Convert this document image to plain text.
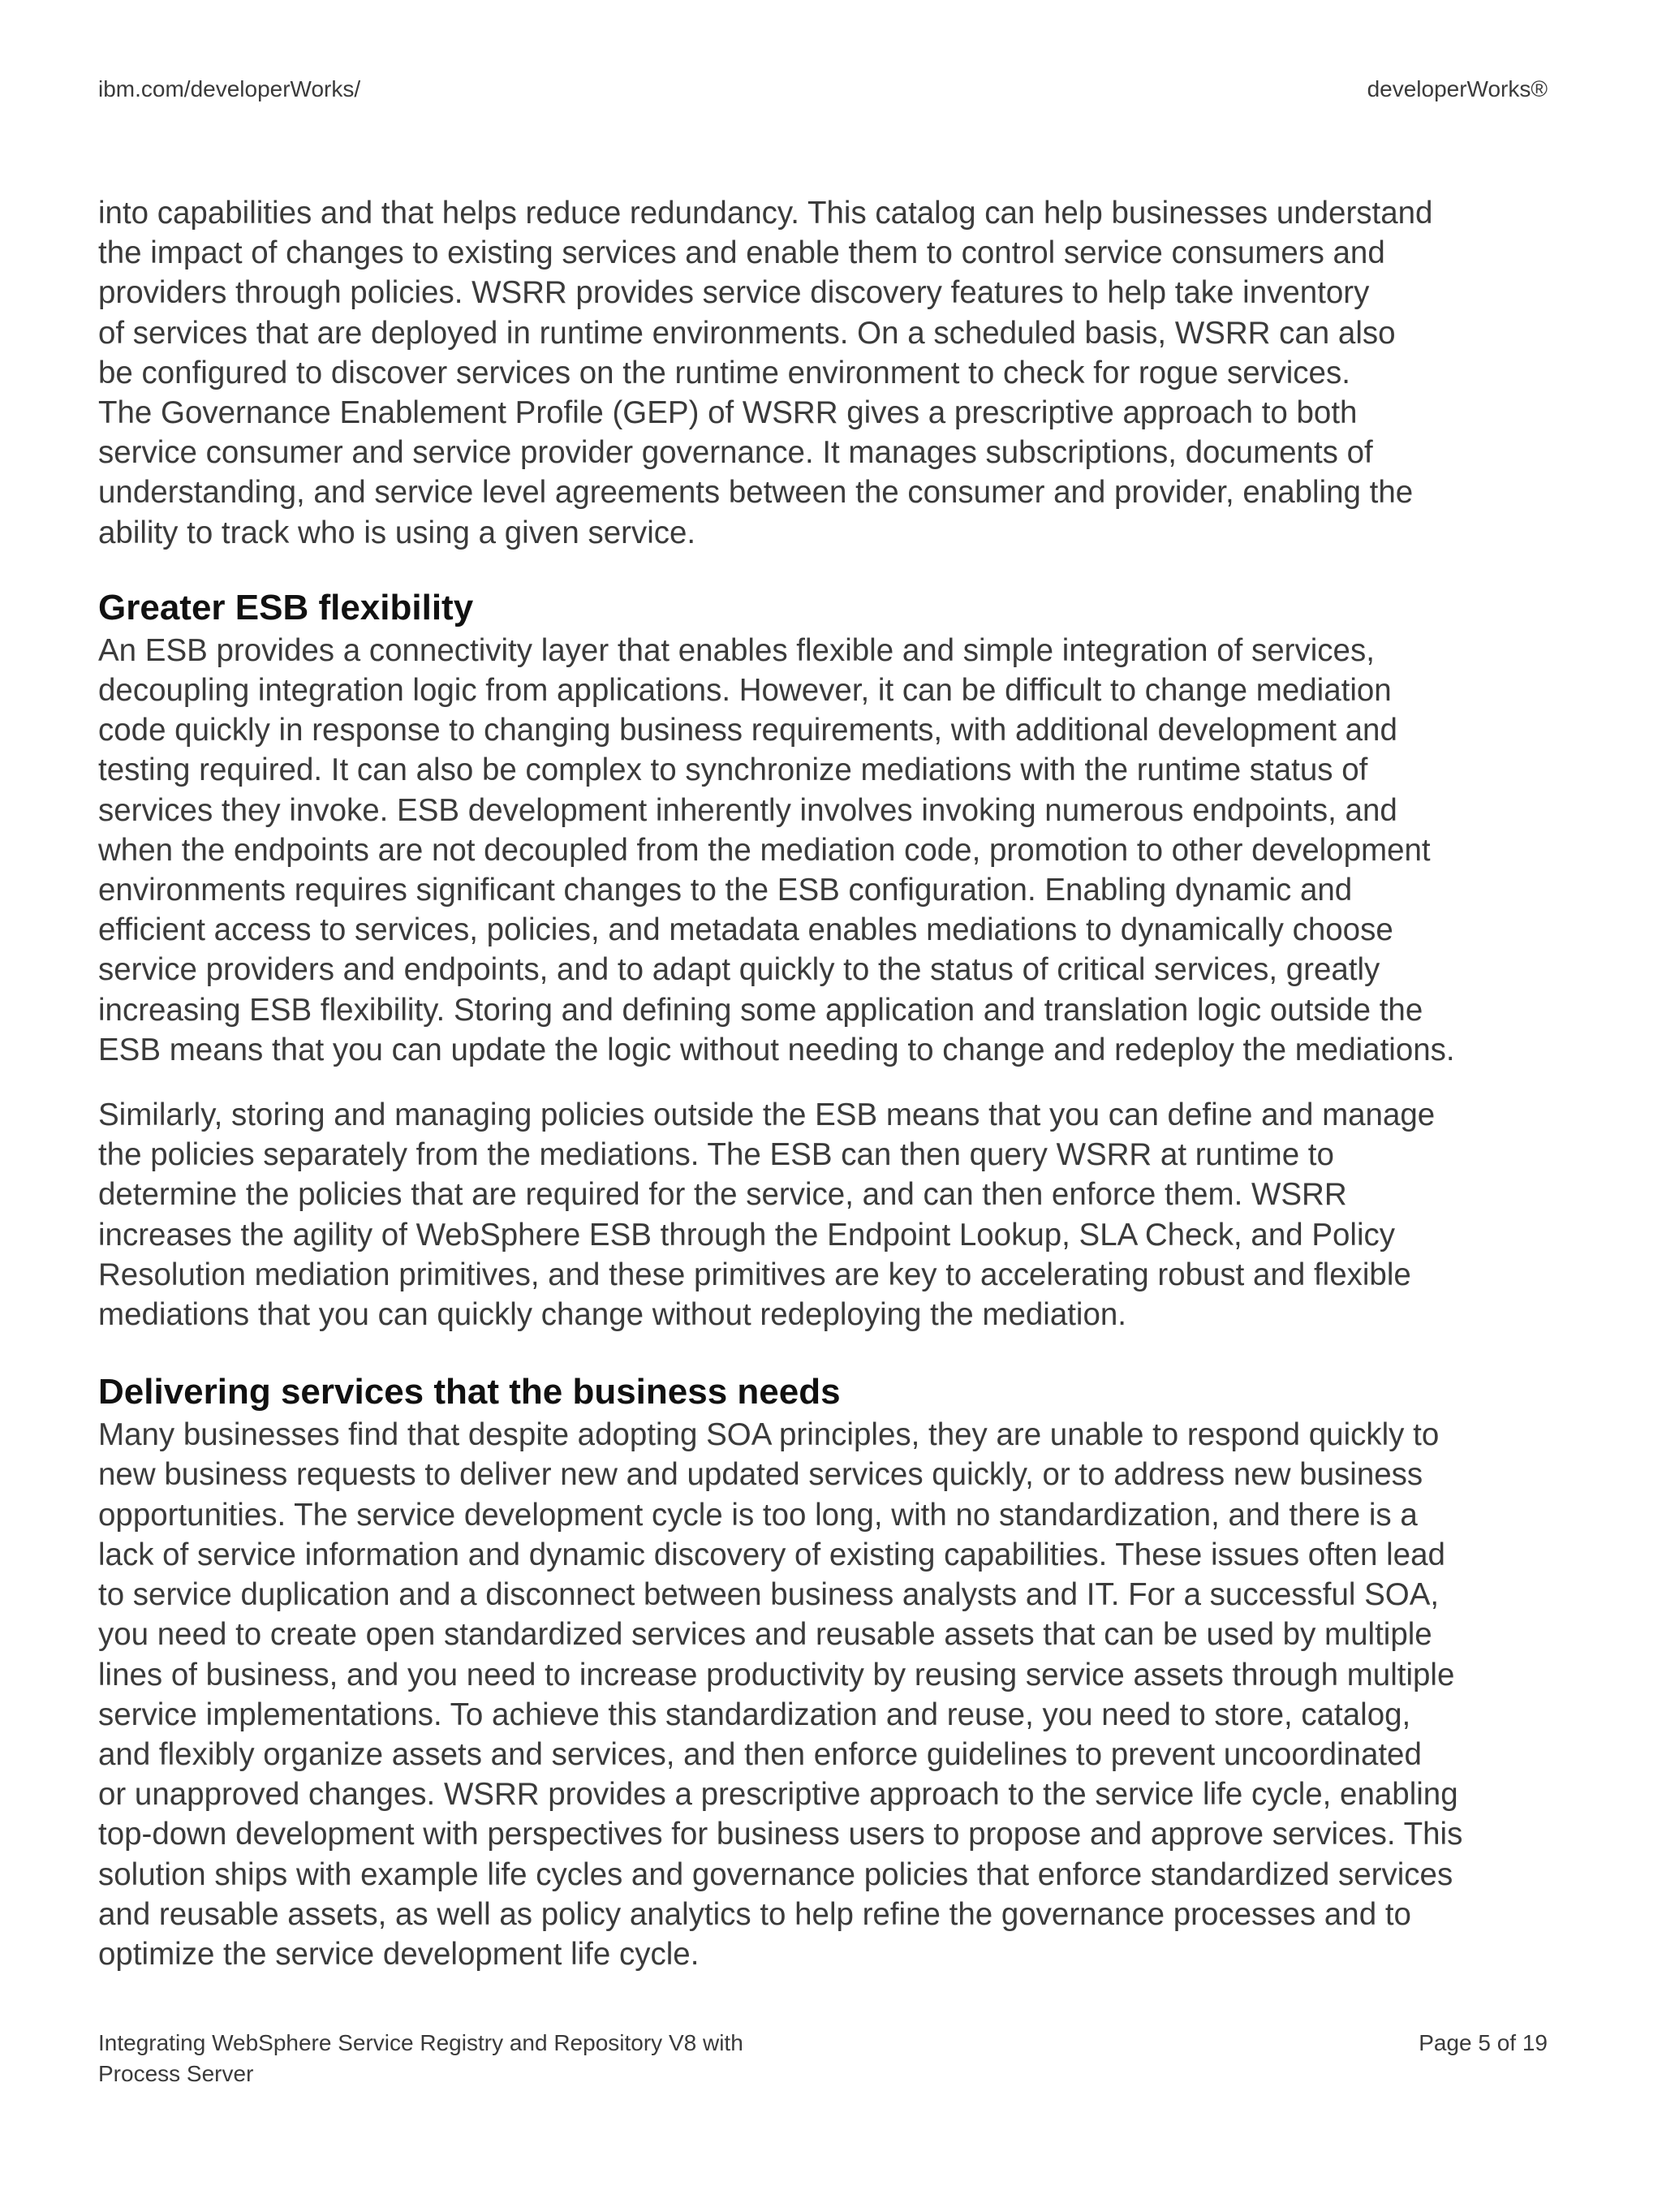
ibm.com/developerWorks/	developerWorks®

into capabilities and that helps reduce redundancy. This catalog can help businesses understand
the impact of changes to existing services and enable them to control service consumers and
providers through policies. WSRR provides service discovery features to help take inventory
of services that are deployed in runtime environments. On a scheduled basis, WSRR can also
be configured to discover services on the runtime environment to check for rogue services.
The Governance Enablement Profile (GEP) of WSRR gives a prescriptive approach to both
service consumer and service provider governance. It manages subscriptions, documents of
understanding, and service level agreements between the consumer and provider, enabling the
ability to track who is using a given service.

Greater ESB flexibility

An ESB provides a connectivity layer that enables flexible and simple integration of services,
decoupling integration logic from applications. However, it can be difficult to change mediation
code quickly in response to changing business requirements, with additional development and
testing required. It can also be complex to synchronize mediations with the runtime status of
services they invoke. ESB development inherently involves invoking numerous endpoints, and
when the endpoints are not decoupled from the mediation code, promotion to other development
environments requires significant changes to the ESB configuration. Enabling dynamic and
efficient access to services, policies, and metadata enables mediations to dynamically choose
service providers and endpoints, and to adapt quickly to the status of critical services, greatly
increasing ESB flexibility. Storing and defining some application and translation logic outside the
ESB means that you can update the logic without needing to change and redeploy the mediations.

Similarly, storing and managing policies outside the ESB means that you can define and manage
the policies separately from the mediations. The ESB can then query WSRR at runtime to
determine the policies that are required for the service, and can then enforce them. WSRR
increases the agility of WebSphere ESB through the Endpoint Lookup, SLA Check, and Policy
Resolution mediation primitives, and these primitives are key to accelerating robust and flexible
mediations that you can quickly change without redeploying the mediation.

Delivering services that the business needs

Many businesses find that despite adopting SOA principles, they are unable to respond quickly to
new business requests to deliver new and updated services quickly, or to address new business
opportunities. The service development cycle is too long, with no standardization, and there is a
lack of service information and dynamic discovery of existing capabilities. These issues often lead
to service duplication and a disconnect between business analysts and IT. For a successful SOA,
you need to create open standardized services and reusable assets that can be used by multiple
lines of business, and you need to increase productivity by reusing service assets through multiple
service implementations. To achieve this standardization and reuse, you need to store, catalog,
and flexibly organize assets and services, and then enforce guidelines to prevent uncoordinated
or unapproved changes. WSRR provides a prescriptive approach to the service life cycle, enabling
top-down development with perspectives for business users to propose and approve services. This
solution ships with example life cycles and governance policies that enforce standardized services
and reusable assets, as well as policy analytics to help refine the governance processes and to
optimize the service development life cycle.

Integrating WebSphere Service Registry and Repository V8 with
Process Server
Page 5 of 19
